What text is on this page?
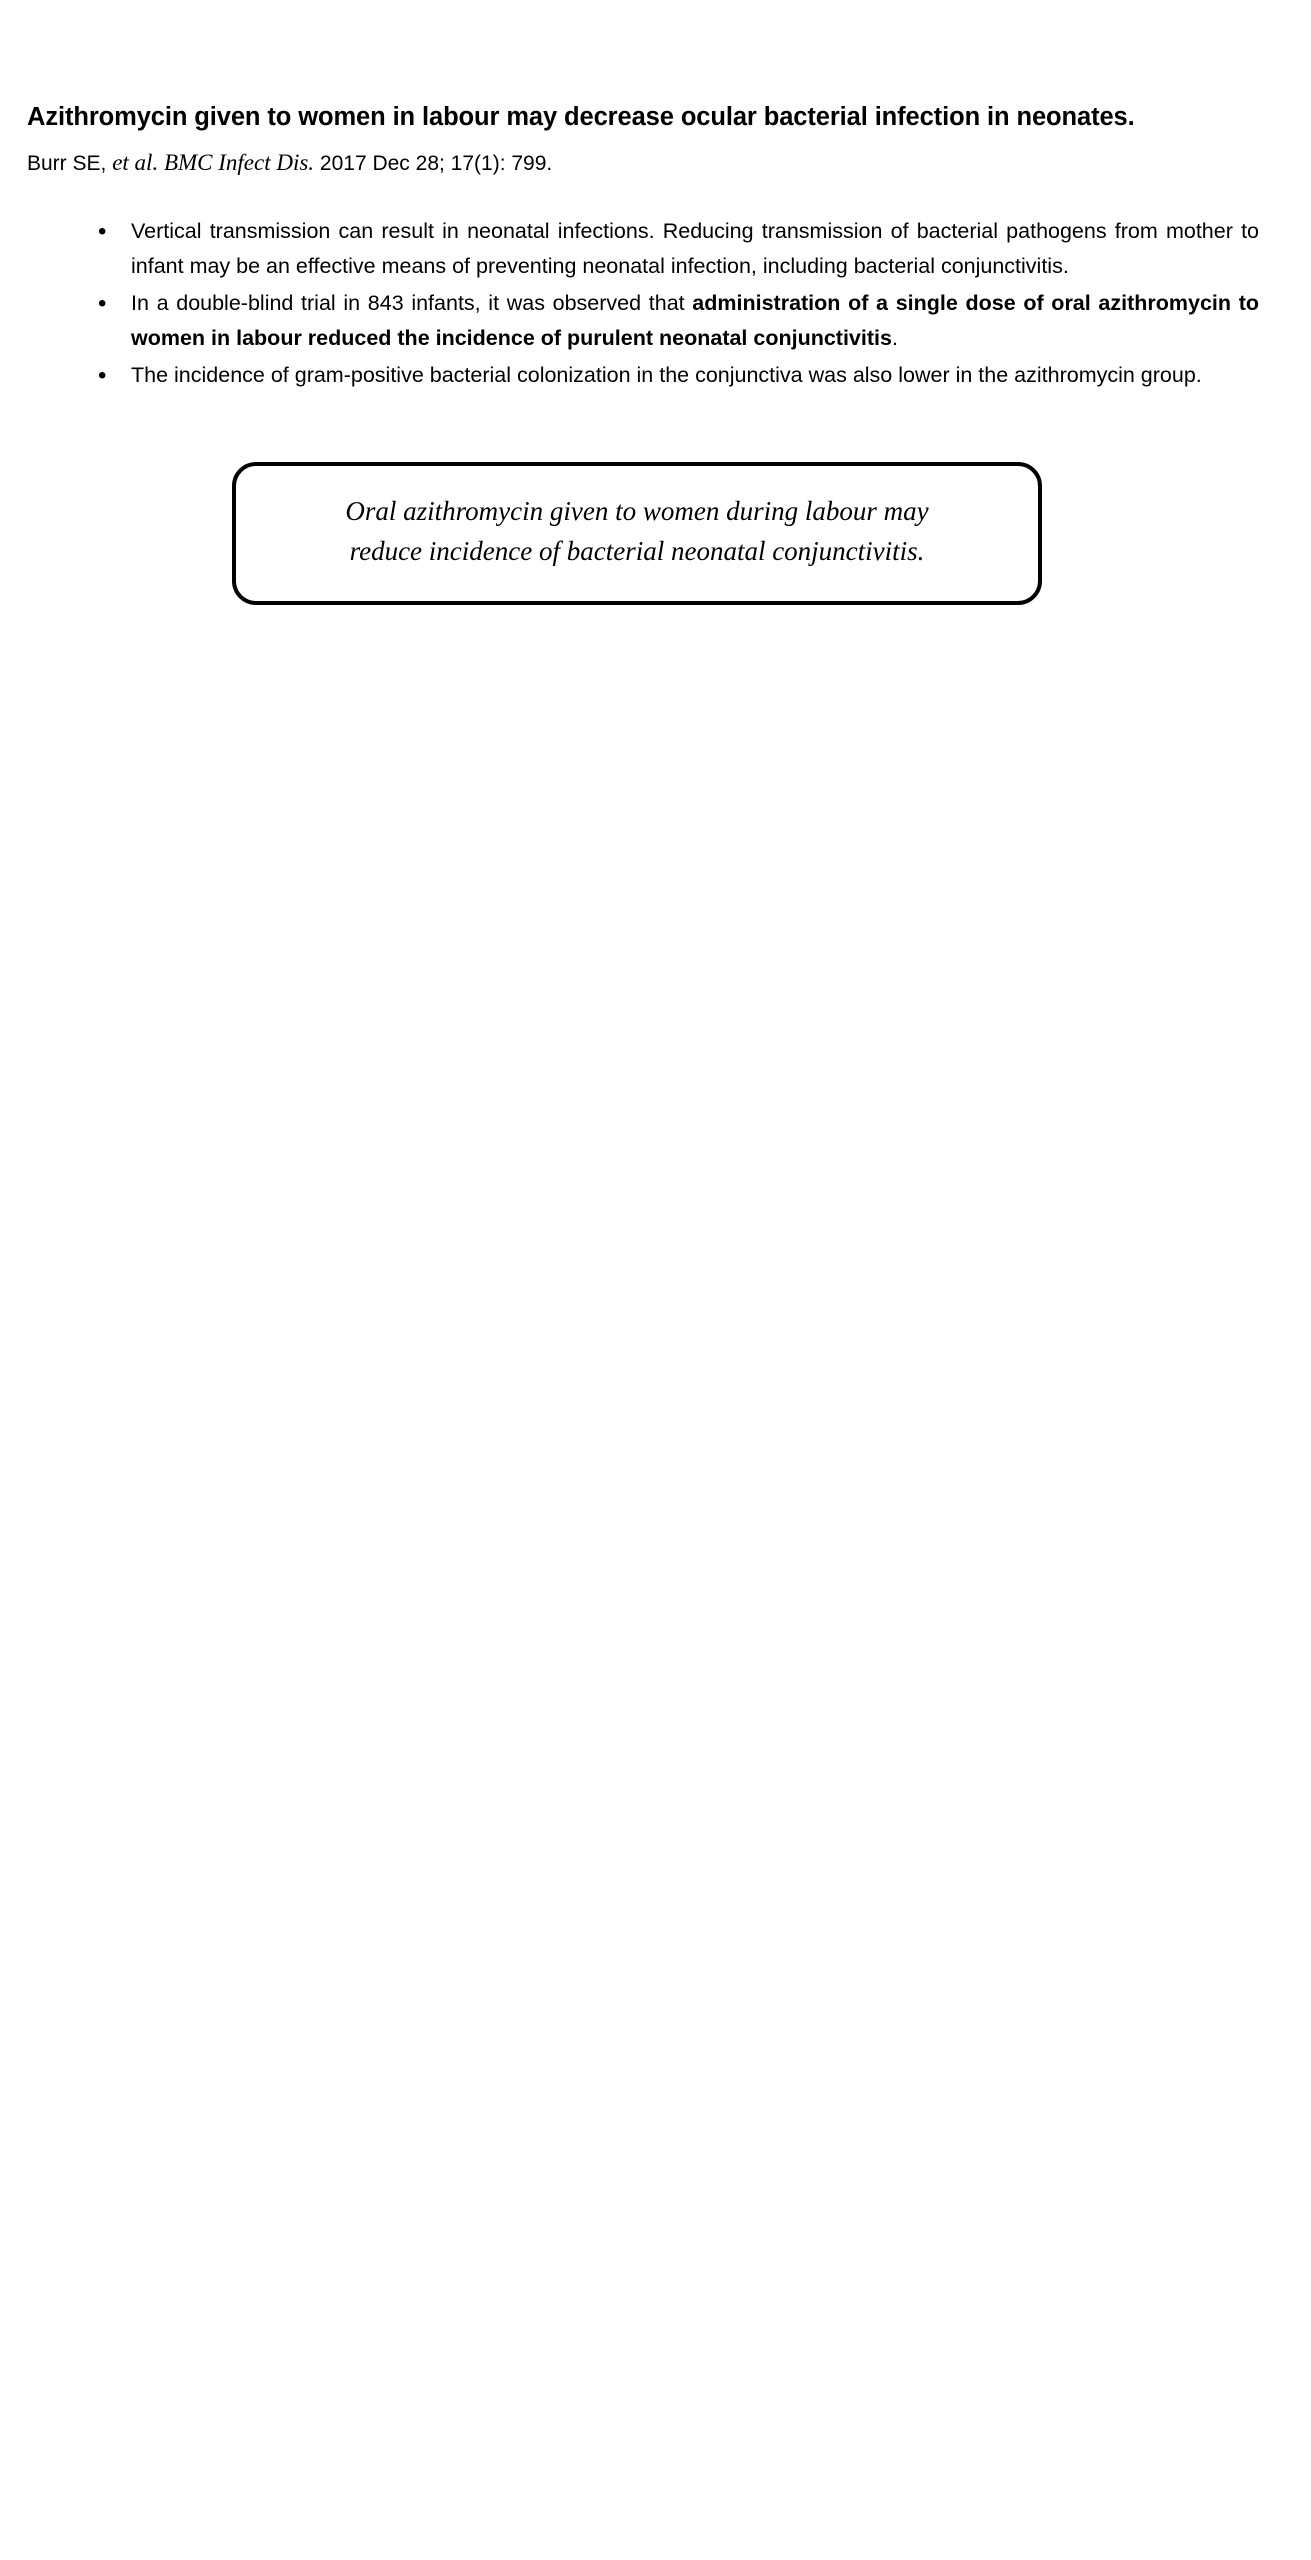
Azithromycin given to women in labour may decrease ocular bacterial infection in neonates.
Burr SE, et al. BMC Infect Dis. 2017 Dec 28; 17(1): 799.
• Vertical transmission can result in neonatal infections. Reducing transmission of bacterial pathogens from mother to infant may be an effective means of preventing neonatal infection, including bacterial conjunctivitis.
• In a double-blind trial in 843 infants, it was observed that administration of a single dose of oral azithromycin to women in labour reduced the incidence of purulent neonatal conjunctivitis.
• The incidence of gram-positive bacterial colonization in the conjunctiva was also lower in the azithromycin group.
Oral azithromycin given to women during labour may
reduce incidence of bacterial neonatal conjunctivitis.
